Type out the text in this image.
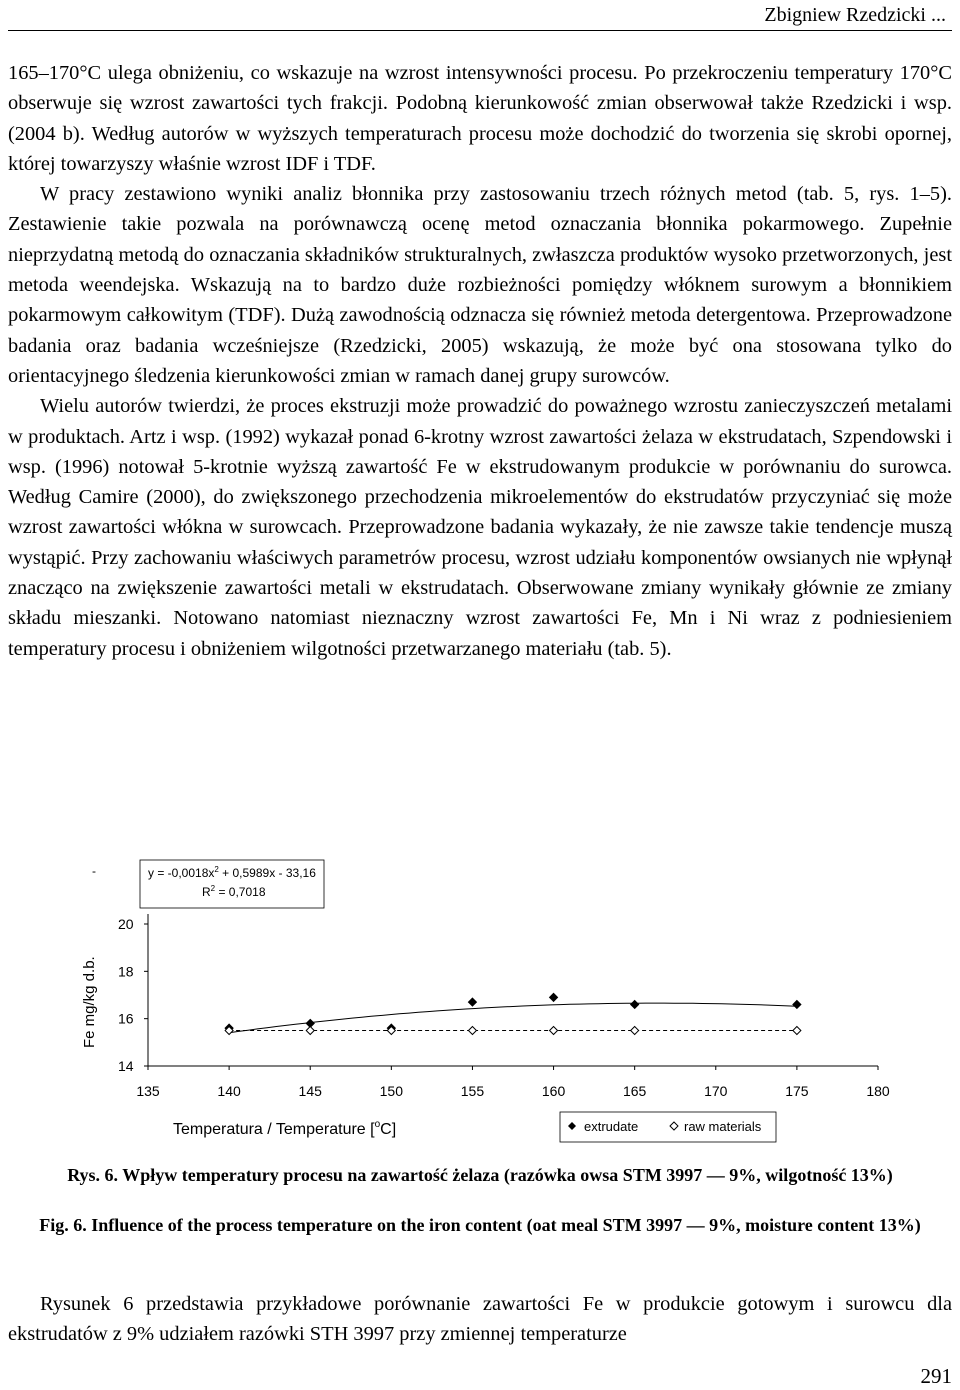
Zbigniew Rzedzicki ...

165–170°C ulega obniżeniu, co wskazuje na wzrost intensywności procesu. Po przekroczeniu temperatury 170°C obserwuje się wzrost zawartości tych frakcji. Podobną kierunkowość zmian obserwował także Rzedzicki i wsp. (2004 b). Według autorów w wyższych temperaturach procesu może dochodzić do tworzenia się skrobi opornej, której towarzyszy właśnie wzrost IDF i TDF.

W pracy zestawiono wyniki analiz błonnika przy zastosowaniu trzech różnych metod (tab. 5, rys. 1–5). Zestawienie takie pozwala na porównawczą ocenę metod oznaczania błonnika pokarmowego. Zupełnie nieprzydatną metodą do oznaczania składników strukturalnych, zwłaszcza produktów wysoko przetworzonych, jest metoda weendejska. Wskazują na to bardzo duże rozbieżności pomiędzy włóknem surowym a błonnikiem pokarmowym całkowitym (TDF). Dużą zawodnością odznacza się również metoda detergentowa. Przeprowadzone badania oraz badania wcześniejsze (Rzedzicki, 2005) wskazują, że może być ona stosowana tylko do orientacyjnego śledzenia kierunkowości zmian w ramach danej grupy surowców.

Wielu autorów twierdzi, że proces ekstruzji może prowadzić do poważnego wzrostu zanieczyszczeń metalami w produktach. Artz i wsp. (1992) wykazał ponad 6-krotny wzrost zawartości żelaza w ekstrudatach, Szpendowski i wsp. (1996) notował 5-krotnie wyższą zawartość Fe w ekstrudowanym produkcie w porównaniu do surowca. Według Camire (2000), do zwiększonego przechodzenia mikroelementów do ekstrudatów przyczyniać się może wzrost zawartości włókna w surowcach. Przeprowadzone badania wykazały, że nie zawsze takie tendencje muszą wystąpić. Przy zachowaniu właściwych parametrów procesu, wzrost udziału komponentów owsianych nie wpłynął znacząco na zwiększenie zawartości metali w ekstrudatach. Obserwowane zmiany wynikały głównie ze zmiany składu mieszanki. Notowano natomiast nieznaczny wzrost zawartości Fe, Mn i Ni wraz z podniesieniem temperatury procesu i obniżeniem wilgotności przetwarzanego materiału (tab. 5).

-	$y = -0,0018x^2 + 0,5989x - 33,16$
$R^2 = 0,7018$
Fe mg/kg d.b.
20
18
16
14
135	140	145	150	155	160	165	170	175	180
Temperatura / Temperature [$^o$C]	extrudate	raw materials
Rys. 6. Wpływ temperatury procesu na zawartość żelaza (razówka owsa STM 3997 — 9%, wilgotność 13%)
Fig. 6. Influence of the process temperature on the iron content (oat meal STM 3997 — 9%, moisture content 13%)

Rysunek 6 przedstawia przykładowe porównanie zawartości Fe w produkcie gotowym i surowcu dla ekstrudatów z 9% udziałem razówki STH 3997 przy zmiennej temperaturze

291
